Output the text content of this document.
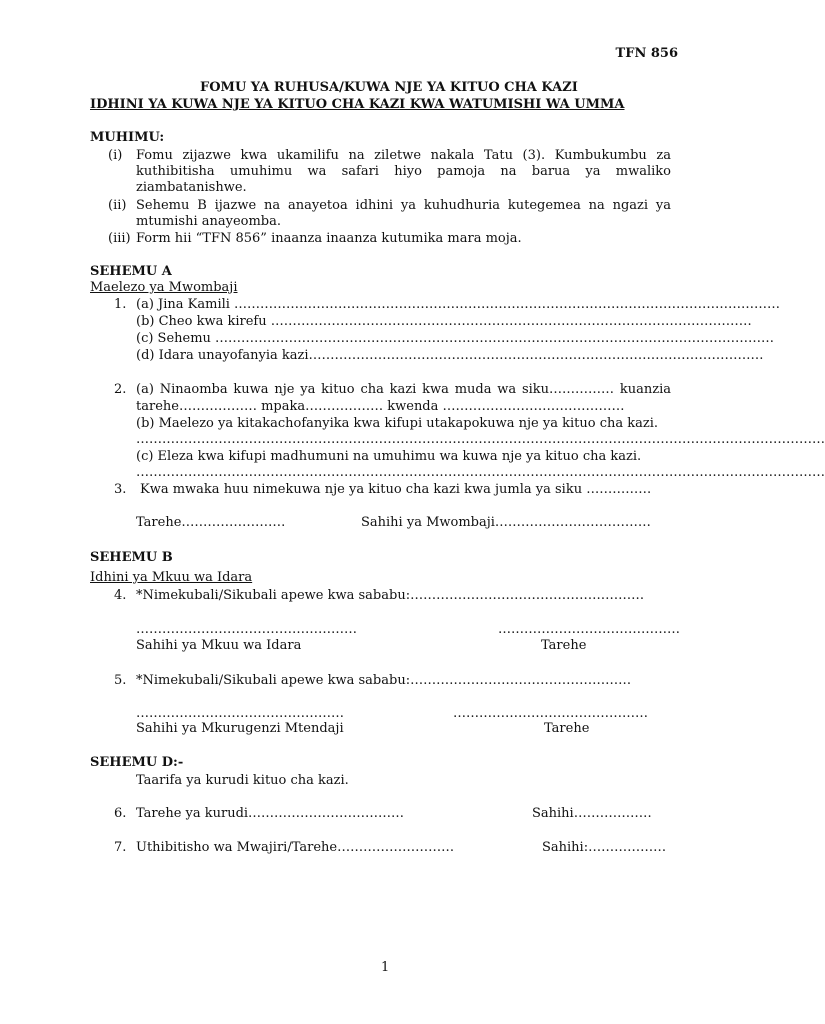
TFN 856
FOMU YA RUHUSA/KUWA NJE YA KITUO CHA KAZI
IDHINI YA KUWA NJE YA KITUO CHA KAZI KWA WATUMISHI WA UMMA
MUHIMU:
(i) Fomu zijazwe kwa ukamilifu na ziletwe nakala Tatu (3). Kumbukumbu za
kuthibitisha umuhimu wa safari hiyo pamoja na barua ya mwaliko
ziambatanishwe.
(ii) Sehemu B ijazwe na anayetoa idhini ya kuhudhuria kutegemea na ngazi ya
mtumishi anayeomba.
(iii) Form hii “TFN 856” inaanza inaanza kutumika mara moja.
SEHEMU A
Maelezo ya Mwombaji
1. (a) Jina Kamili ………………………………………………………………………………………………………………
(b) Cheo kwa kirefu …………………………………………………………………………………………………
(c) Sehemu …………………………………………………………………………………………………………………
(d) Idara unayofanyia kazi……………………………………………………………………………………………
2. (a) Ninaomba kuwa nje ya kituo cha kazi kwa muda wa siku…………… kuanzia
tarehe……………… mpaka……………… kwenda ……………………………………
(b) Maelezo ya kitakachofanyika kwa kifupi utakapokuwa nje ya kituo cha kazi.
……………………………………………………………………………………………………………………………………………
(c) Eleza kwa kifupi madhumuni na umuhimu wa kuwa nje ya kituo cha kazi.
……………………………………………………………………………………………………………………………………………
3. Kwa mwaka huu nimekuwa nje ya kituo cha kazi kwa jumla ya siku ……………
Tarehe……………………	Sahihi ya Mwombaji………………………………
SEHEMU B
Idhini ya Mkuu wa Idara
4. *Nimekubali/Sikubali apewe kwa sababu:………………………………………………
……………………………………………	……………………………………
Sahihi ya Mkuu wa Idara	Tarehe
5. *Nimekubali/Sikubali apewe kwa sababu:……………………………………………
…………………………………………	………………………………………
Sahihi ya Mkurugenzi Mtendaji	Tarehe
SEHEMU D:-
Taarifa ya kurudi kituo cha kazi.
6. Tarehe ya kurudi………………………………	Sahihi………………
7. Uthibitisho wa Mwajiri/Tarehe………………………	Sahihi:………………
1
